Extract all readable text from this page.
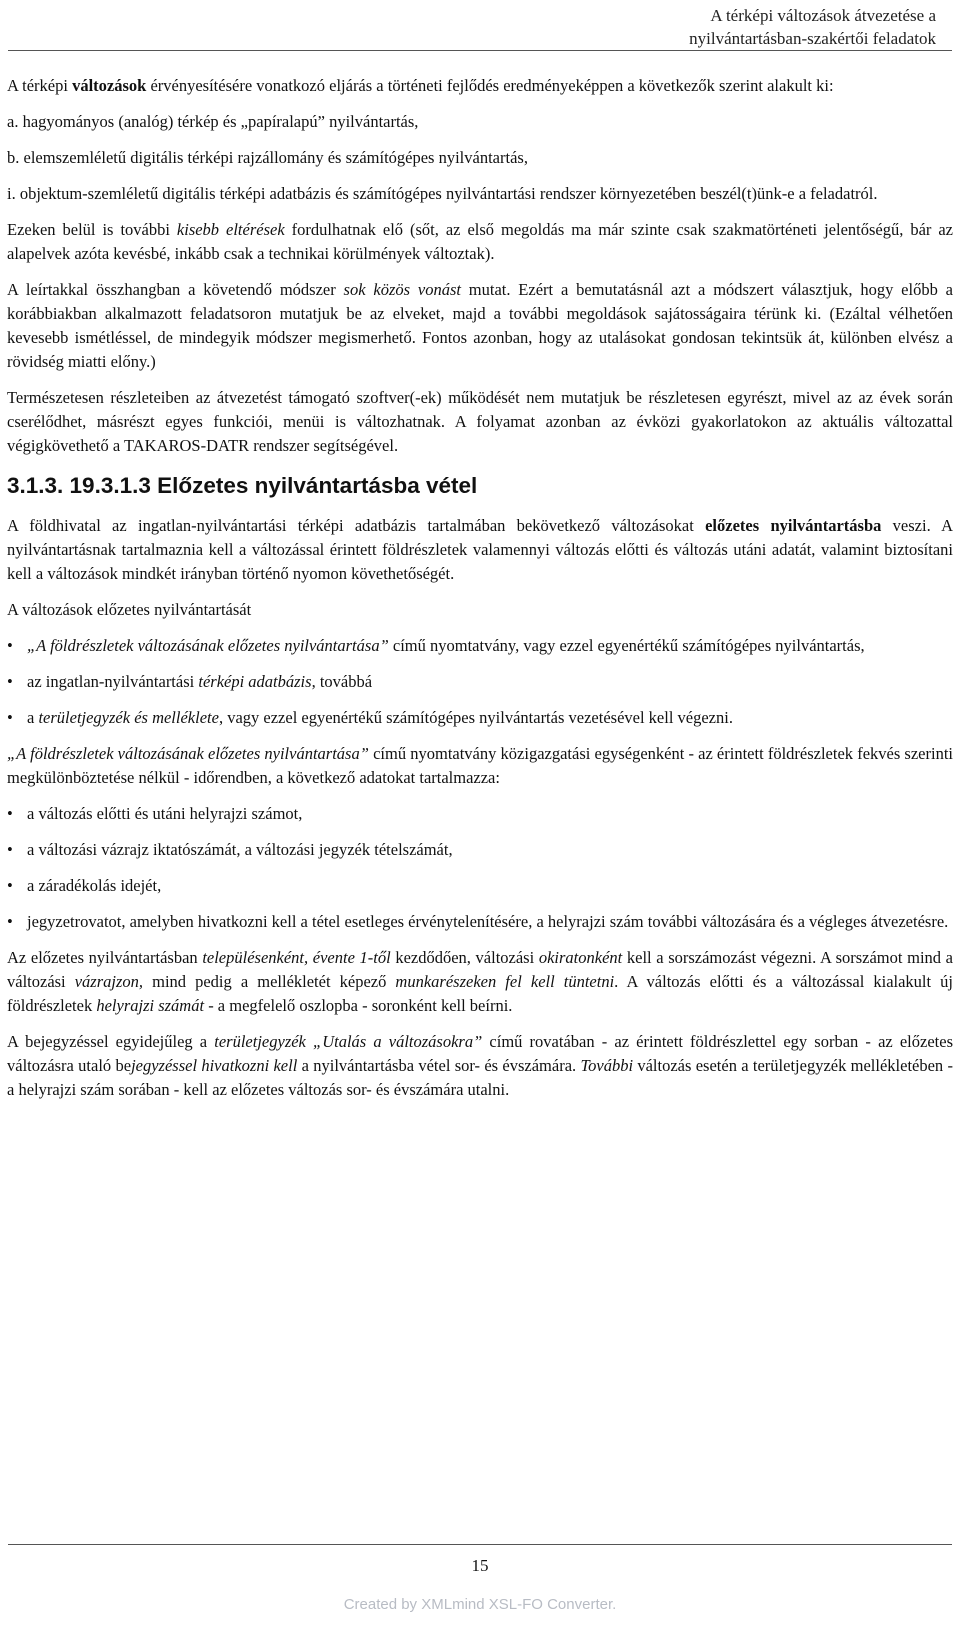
A térképi változások átvezetése a
nyilvántartásban-szakértői feladatok

A térképi változások érvényesítésére vonatkozó eljárás a történeti fejlődés eredményeképpen a következők szerint alakult ki:

a. hagyományos (analóg) térkép és „papíralapú” nyilvántartás,

b. elemszemléletű digitális térképi rajzállomány és számítógépes nyilvántartás,

i. objektum-szemléletű digitális térképi adatbázis és számítógépes nyilvántartási rendszer környezetében beszél(t)ünk-e a feladatról.

Ezeken belül is további kisebb eltérések fordulhatnak elő (sőt, az első megoldás ma már szinte csak szakmatörténeti jelentőségű, bár az alapelvek azóta kevésbé, inkább csak a technikai körülmények változtak).

A leírtakkal összhangban a követendő módszer sok közös vonást mutat. Ezért a bemutatásnál azt a módszert választjuk, hogy előbb a korábbiakban alkalmazott feladatsoron mutatjuk be az elveket, majd a további megoldások sajátosságaira térünk ki. (Ezáltal vélhetően kevesebb ismétléssel, de mindegyik módszer megismerhető. Fontos azonban, hogy az utalásokat gondosan tekintsük át, különben elvész a rövidség miatti előny.)

Természetesen részleteiben az átvezetést támogató szoftver(-ek) működését nem mutatjuk be részletesen egyrészt, mivel az az évek során cserélődhet, másrészt egyes funkciói, menüi is változhatnak. A folyamat azonban az évközi gyakorlatokon az aktuális változattal végigkövethető a TAKAROS-DATR rendszer segítségével.

3.1.3. 19.3.1.3 Előzetes nyilvántartásba vétel

A földhivatal az ingatlan-nyilvántartási térképi adatbázis tartalmában bekövetkező változásokat előzetes nyilvántartásba veszi. A nyilvántartásnak tartalmaznia kell a változással érintett földrészletek valamennyi változás előtti és változás utáni adatát, valamint biztosítani kell a változások mindkét irányban történő nyomon követhetőségét.

A változások előzetes nyilvántartását

• „A földrészletek változásának előzetes nyilvántartása” című nyomtatvány, vagy ezzel egyenértékű számítógépes nyilvántartás,
• az ingatlan-nyilvántartási térképi adatbázis, továbbá
• a területjegyzék és melléklete, vagy ezzel egyenértékű számítógépes nyilvántartás vezetésével kell végezni.

„A földrészletek változásának előzetes nyilvántartása” című nyomtatvány közigazgatási egységenként - az érintett földrészletek fekvés szerinti megkülönböztetése nélkül - időrendben, a következő adatokat tartalmazza:

• a változás előtti és utáni helyrajzi számot,
• a változási vázrajz iktatószámát, a változási jegyzék tételszámát,
• a záradékolás idejét,
• jegyzetrovatot, amelyben hivatkozni kell a tétel esetleges érvénytelenítésére, a helyrajzi szám további változására és a végleges átvezetésre.

Az előzetes nyilvántartásban településenként, évente 1-től kezdődően, változási okiratonként kell a sorszámozást végezni. A sorszámot mind a változási vázrajzon, mind pedig a mellékletét képező munkarészeken fel kell tüntetni. A változás előtti és a változással kialakult új földrészletek helyrajzi számát - a megfelelő oszlopba - soronként kell beírni.

A bejegyzéssel egyidejűleg a területjegyzék „Utalás a változásokra” című rovatában - az érintett földrészlettel egy sorban - az előzetes változásra utaló bejegyzéssel hivatkozni kell a nyilvántartásba vétel sor- és évszámára. További változás esetén a területjegyzék mellékletében - a helyrajzi szám sorában - kell az előzetes változás sor- és évszámára utalni.

15
Created by XMLmind XSL-FO Converter.
